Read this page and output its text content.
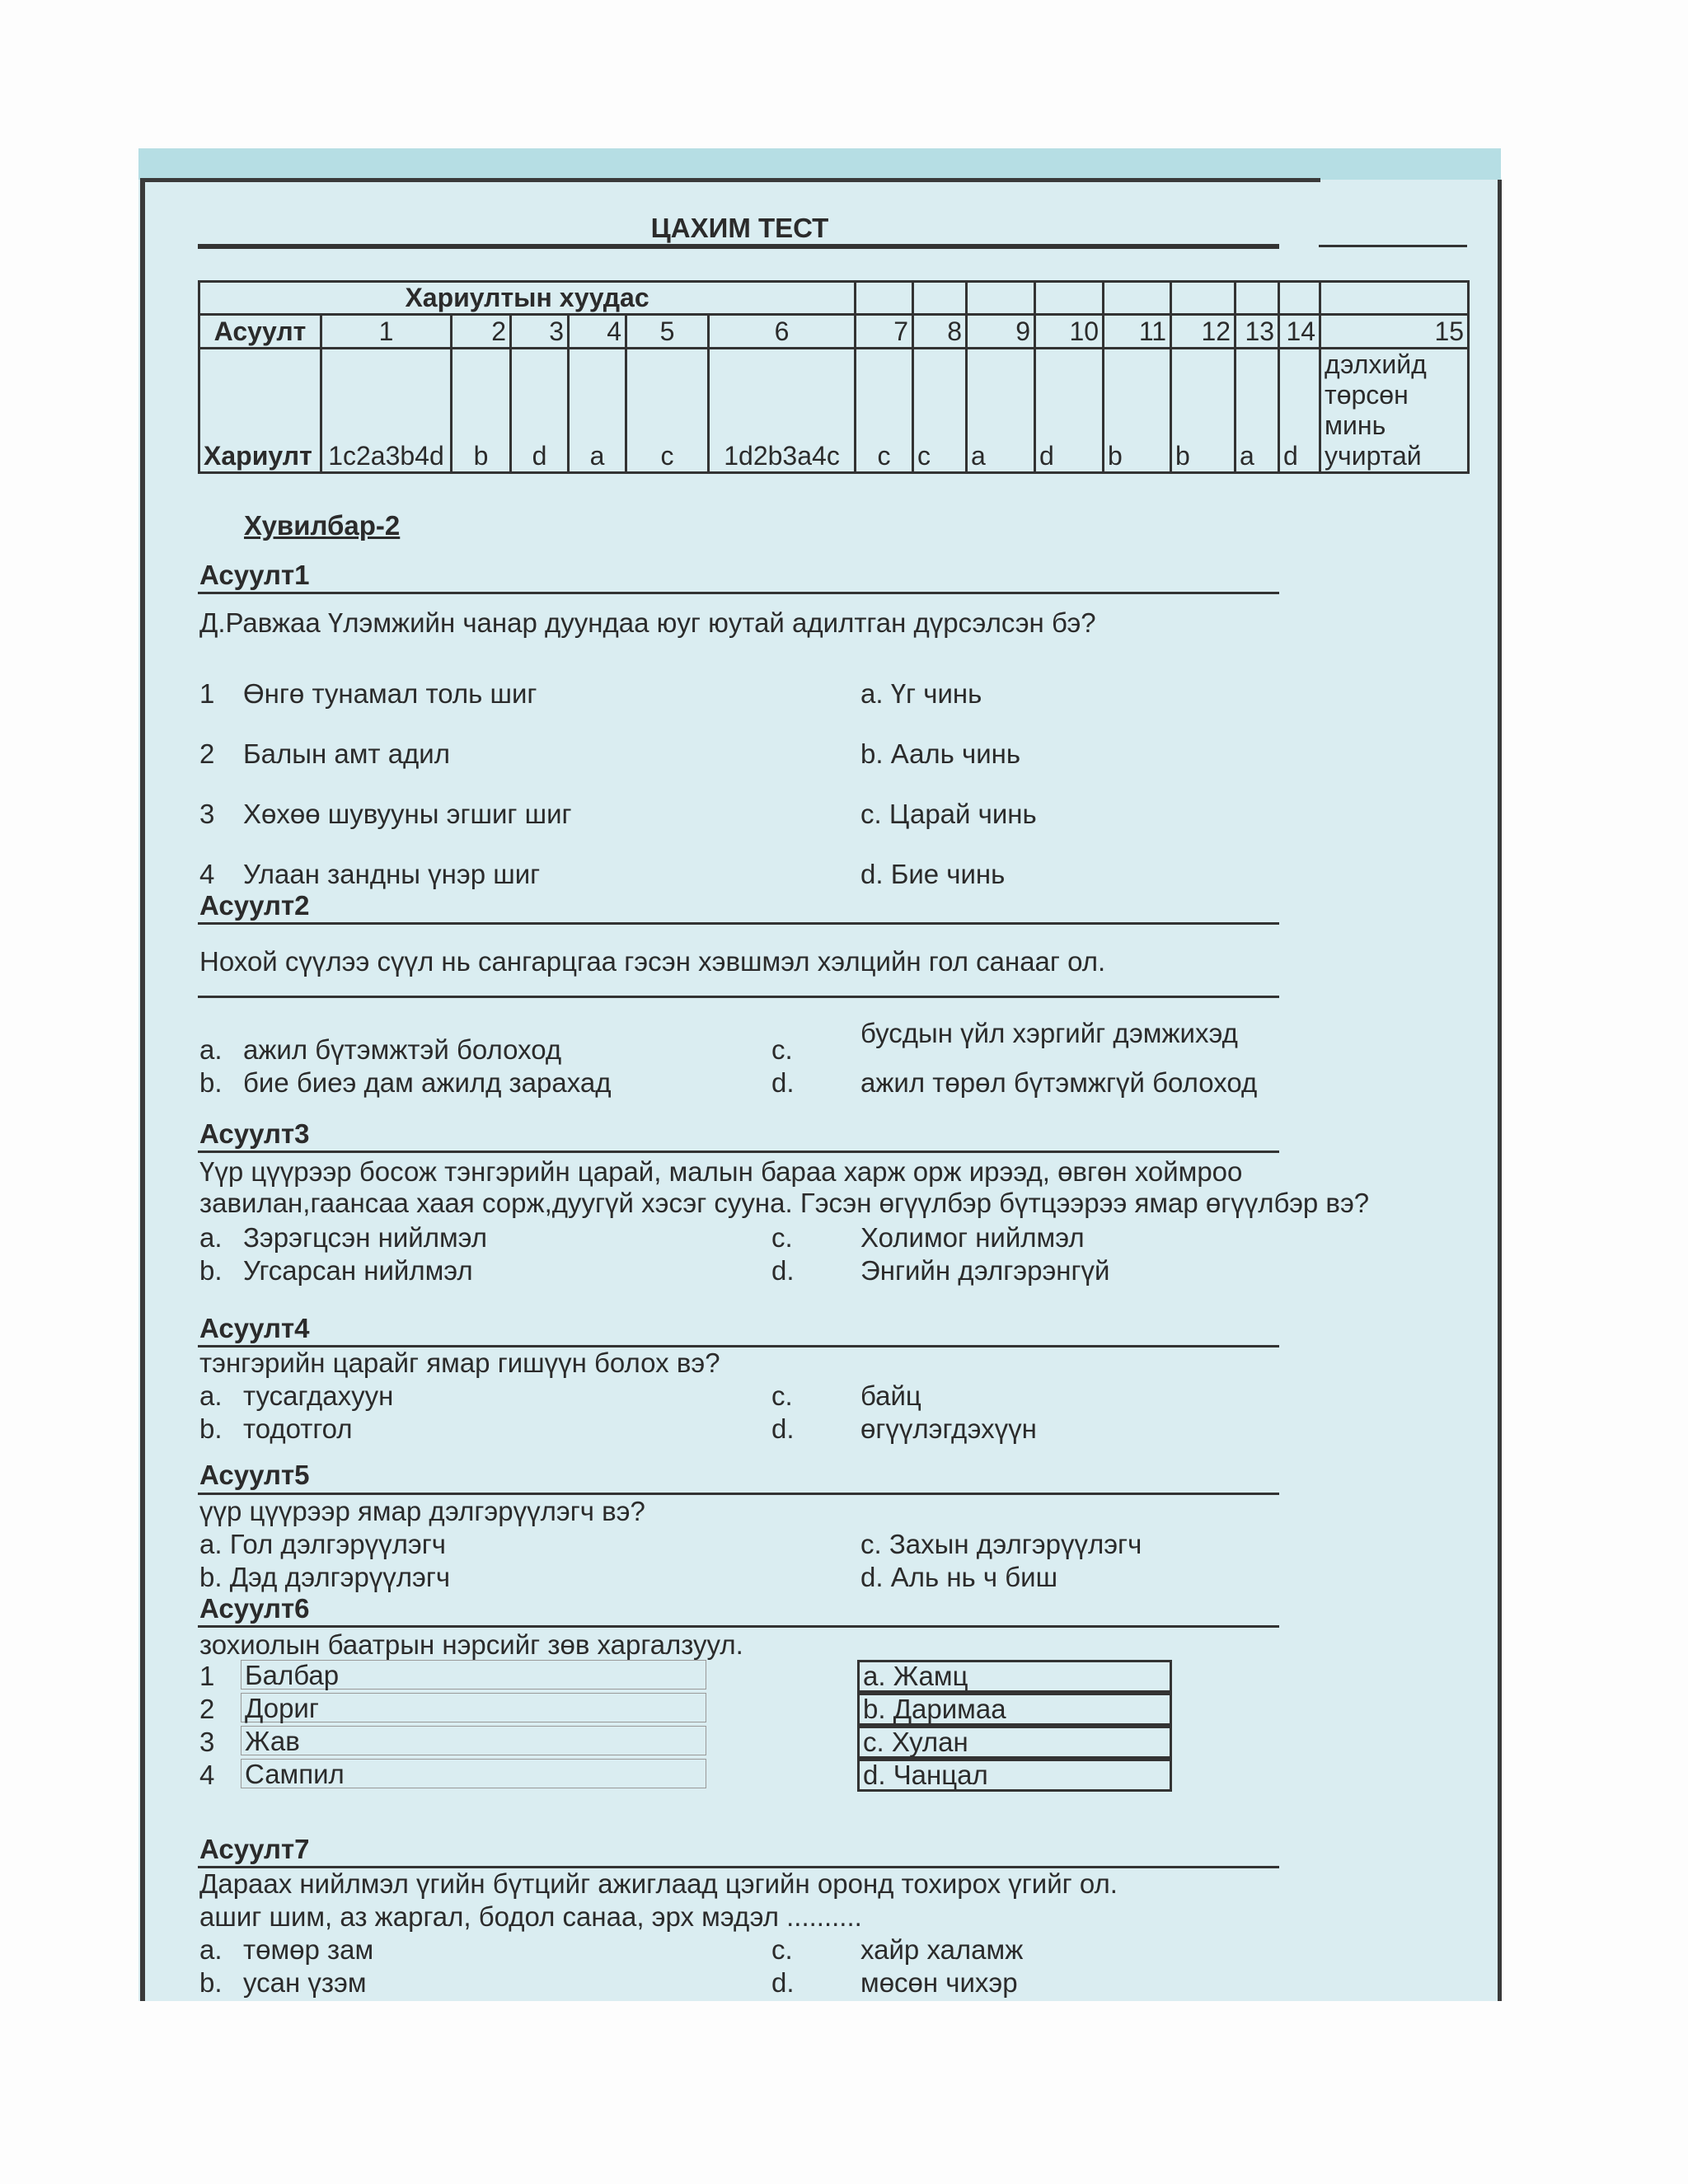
ЦАХИМ ТЕСТ
Хариултын хуудас															
Асуулт	1	2	3	4	5	6	7	8	9	10	11	12	13	14	15
Хариулт	1c2a3b4d	b	d	a	c	1d2b3a4c	c	c	a	d	b	b	a	d	дэлхийд төрсөн минь учиртай
Хувилбар-2
Асуулт1
Д.Равжаа Үлэмжийн чанар дуундаа юуг юутай адилтган дүрсэлсэн бэ?
1 Өнгө тунамал толь шиг
2 Балын амт адил
3 Хөхөө шувууны эгшиг шиг
4 Улаан зандны үнэр шиг
a. Үг чинь
b. Ааль чинь
c. Царай чинь
d. Бие чинь
Асуулт2
Нохой сүүлээ сүүл нь сангарцгаа гэсэн хэвшмэл хэлцийн гол санааг ол.
a. ажил бүтэмжтэй болоход
b. бие биеэ дам ажилд зарахад
c.
бусдын үйл хэргийг дэмжихэд
d. ажил төрөл бүтэмжгүй болоход
Асуулт3
Үүр цүүрээр босож тэнгэрийн царай, малын бараа харж орж ирээд, өвгөн хоймроо
завилан,гаансаа хаая сорж,дуугүй хэсэг сууна. Гэсэн өгүүлбэр бүтцээрээ ямар өгүүлбэр вэ?
a. Зэрэгцсэн нийлмэл
b. Угсарсан нийлмэл
c. Холимог нийлмэл
d. Энгийн дэлгэрэнгүй
Асуулт4
тэнгэрийн царайг ямар гишүүн болох вэ?
a. тусагдахуун
b. тодотгол
c. байц
d. өгүүлэгдэхүүн
Асуулт5
үүр цүүрээр ямар дэлгэрүүлэгч вэ?
a. Гол дэлгэрүүлэгч
b. Дэд дэлгэрүүлэгч
c. Захын дэлгэрүүлэгч
d. Аль нь ч биш
Асуулт6
зохиолын баатрын нэрсийг зөв харгалзуул.
1 Балбар
2 Дориг
3 Жав
4 Сампил
a. Жамц
b. Даримаа
c. Хулан
d. Чанцал
Асуулт7
Дараах нийлмэл үгийн бүтцийг ажиглаад цэгийн оронд тохирох үгийг ол.
ашиг шим, аз жаргал, бодол санаа, эрх мэдэл ..........
a. төмөр зам
b. усан үзэм
c. хайр халамж
d. мөсөн чихэр
